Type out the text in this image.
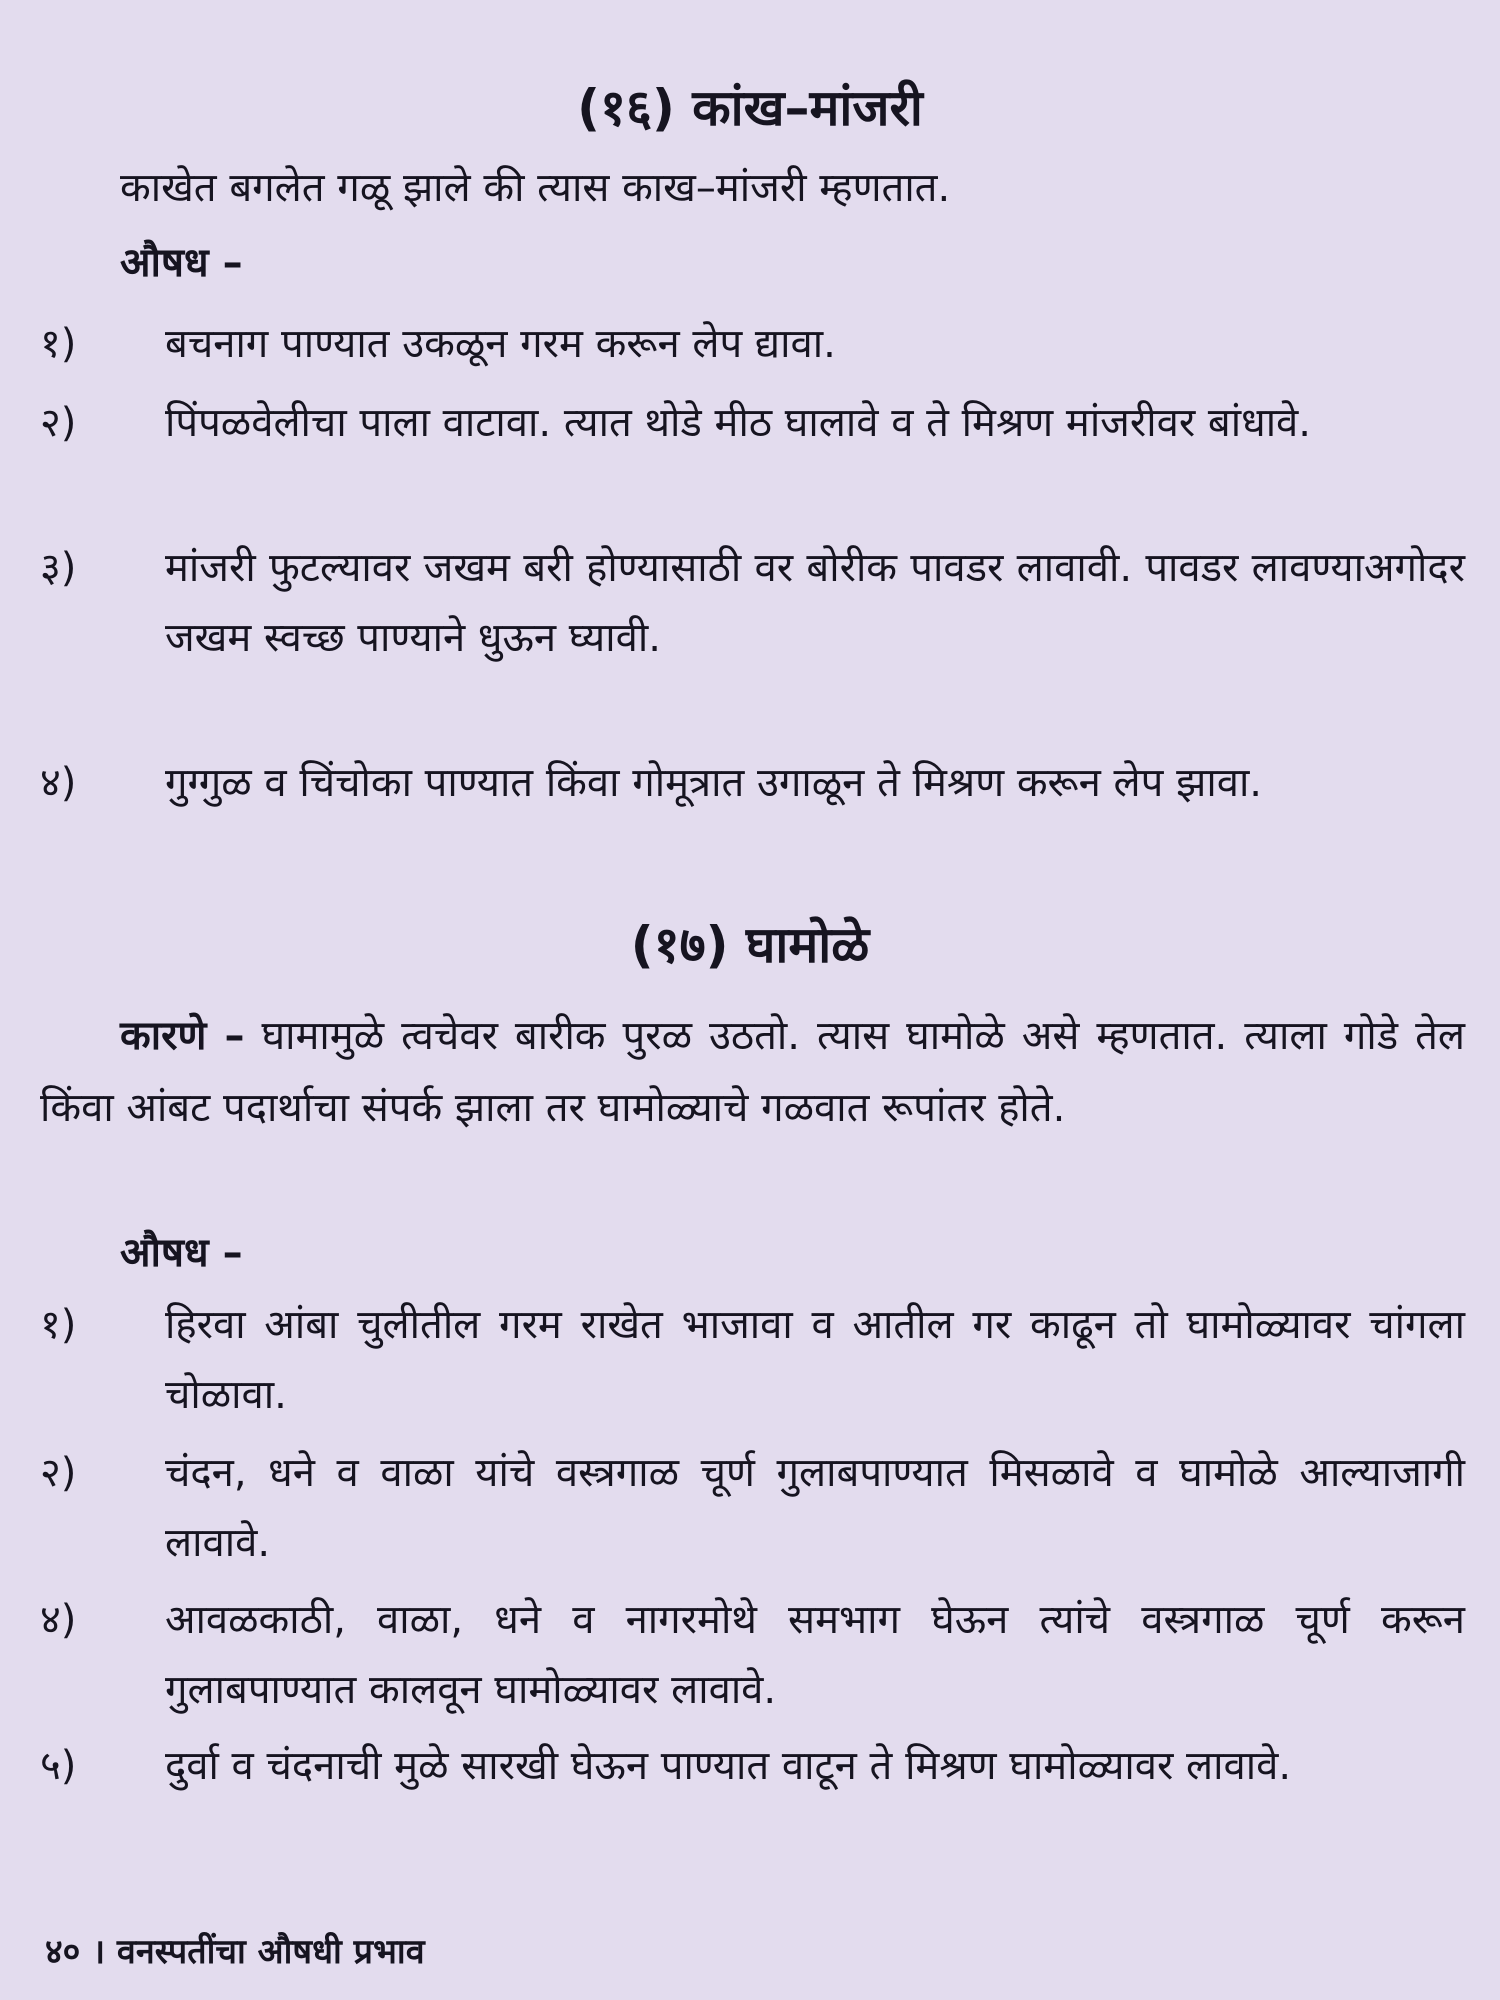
(१६) कांख–मांजरी
काखेत बगलेत गळू झाले की त्यास काख–मांजरी म्हणतात.
औषध –
१) बचनाग पाण्यात उकळून गरम करून लेप द्यावा.
२) पिंपळवेलीचा पाला वाटावा. त्यात थोडे मीठ घालावे व ते मिश्रण मांजरीवर बांधावे.
३) मांजरी फुटल्यावर जखम बरी होण्यासाठी वर बोरीक पावडर लावावी. पावडर लावण्याअगोदर जखम स्वच्छ पाण्याने धुऊन घ्यावी.
४) गुग्गुळ व चिंचोका पाण्यात किंवा गोमूत्रात उगाळून ते मिश्रण करून लेप झावा.
(१७) घामोळे
कारणे – घामामुळे त्वचेवर बारीक पुरळ उठतो. त्यास घामोळे असे म्हणतात. त्याला गोडे तेल किंवा आंबट पदार्थाचा संपर्क झाला तर घामोळ्याचे गळवात रूपांतर होते.
औषध –
१) हिरवा आंबा चुलीतील गरम राखेत भाजावा व आतील गर काढून तो घामोळ्यावर चांगला चोळावा.
२) चंदन, धने व वाळा यांचे वस्त्रगाळ चूर्ण गुलाबपाण्यात मिसळावे व घामोळे आल्याजागी लावावे.
४) आवळकाठी, वाळा, धने व नागरमोथे समभाग घेऊन त्यांचे वस्त्रगाळ चूर्ण करून गुलाबपाण्यात कालवून घामोळ्यावर लावावे.
५) दुर्वा व चंदनाची मुळे सारखी घेऊन पाण्यात वाटून ते मिश्रण घामोळ्यावर लावावे.
४० । वनस्पतींचा औषधी प्रभाव
